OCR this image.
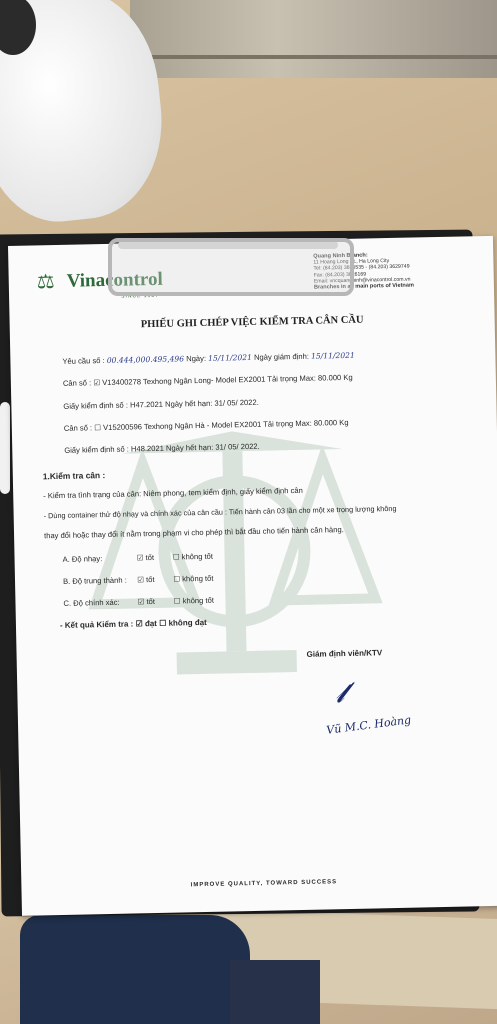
⚖ Vinacontrol
SINCE 1957
Quang Ninh Branch:
11 Hoang Long St., Ha Long City
Tel: (84.203) 3825535 - (84.203) 3629749
Fax: (84.203) 3826169
Email: vncquangninh@vinacontrol.com.vn
Branches in all main ports of Vietnam
PHIẾU GHI CHÉP VIỆC KIỂM TRA CÂN CẦU
Yêu cầu số : 00.444,000.495,496 Ngày: 15/11/2021 Ngày giám định: 15/11/2021
Cân số : ☑ V13400278 Texhong Ngân Long- Model EX2001 Tải trọng Max: 80.000 Kg
Giấy kiểm định số : H47.2021 Ngày hết hạn: 31/ 05/ 2022.
Cân số : ☐ V15200596 Texhong Ngân Hà - Model EX2001 Tải trọng Max: 80.000 Kg
Giấy kiểm định số : H48.2021 Ngày hết hạn: 31/ 05/ 2022.
1.Kiểm tra cân :
- Kiểm tra tình trạng của cân: Niêm phong, tem kiểm định, giấy kiểm định cân
- Dùng container thử độ nhạy và chính xác của cân cầu : Tiến hành cân 03 lần cho một xe trọng lượng không
thay đổi hoặc thay đổi ít nằm trong phạm vi cho phép thì bắt đầu cho tiến hành cân hàng.
A. Độ nhạy:	☑ tốt ☐ không tốt
B. Độ trung thành : ☑ tốt ☐ không tốt
C. Độ chính xác: ☑ tốt ☐ không tốt
- Kết quả Kiểm tra : ☑ đạt ☐ không đạt
Giám định viên/KTV
𝓁⁄
Vũ M.C. Hoàng
IMPROVE QUALITY, TOWARD SUCCESS
